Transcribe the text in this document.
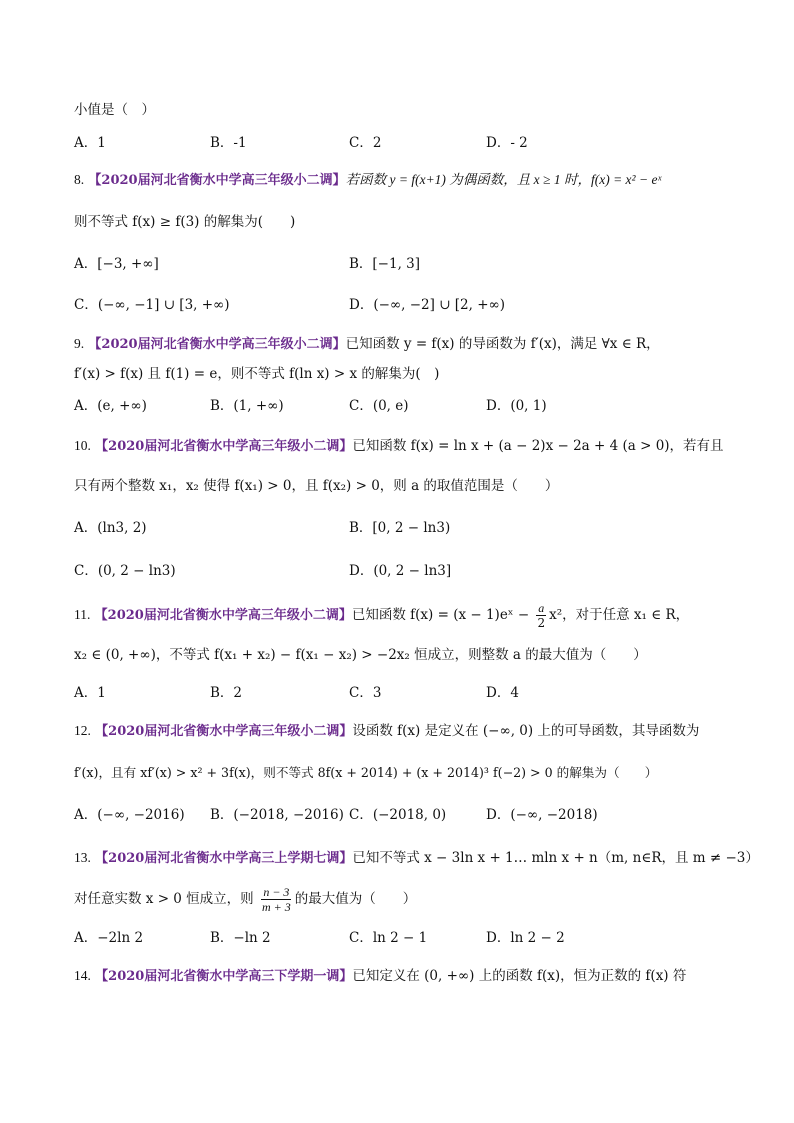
小值是（　）
A．1	B．-1	C．2	D．- 2
8. 【2020届河北省衡水中学高三年级小二调】若函数 y = f(x+1) 为偶函数，且 x ≥ 1 时，f(x) = x² − eˣ
则不等式 f(x) ≥ f(3) 的解集为(　　)
A．[−3, +∞]	B．[−1, 3]
C．(−∞, −1] ∪ [3, +∞)	D．(−∞, −2] ∪ [2, +∞)
9. 【2020届河北省衡水中学高三年级小二调】已知函数 y = f(x) 的导函数为 f′(x)，满足 ∀x ∈ R，
f′(x) > f(x) 且 f(1) = e，则不等式 f(ln x) > x 的解集为(　)
A．(e, +∞)	B．(1, +∞)	C．(0, e)	D．(0, 1)
10. 【2020届河北省衡水中学高三年级小二调】已知函数 f(x) = ln x + (a − 2)x − 2a + 4 (a > 0)，若有且
只有两个整数 x₁，x₂ 使得 f(x₁) > 0，且 f(x₂) > 0，则 a 的取值范围是（　　）
A．(ln3, 2)	B．[0, 2 − ln3)
C．(0, 2 − ln3)	D．(0, 2 − ln3]
11. 【2020届河北省衡水中学高三年级小二调】已知函数 f(x) = (x − 1)eˣ − $\frac{a}{2} x^2$，对于任意 x₁ ∈ R，
x₂ ∈ (0, +∞)，不等式 f(x₁ + x₂) − f(x₁ − x₂) > −2x₂ 恒成立，则整数 a 的最大值为（　　）
A．1	B．2	C．3	D．4
12. 【2020届河北省衡水中学高三年级小二调】设函数 f(x) 是定义在 (−∞, 0) 上的可导函数，其导函数为
f′(x)，且有 xf′(x) > x² + 3f(x)，则不等式 8f(x + 2014) + (x + 2014)³ f(−2) > 0 的解集为（　　）
A．(−∞, −2016) B．(−2018, −2016) C．(−2018, 0)	D．(−∞, −2018)
13. 【2020届河北省衡水中学高三上学期七调】已知不等式 x − 3ln x + 1… mln x + n（m, n∈R，且 m ≠ −3）
对任意实数 x > 0 恒成立，则 $\frac{n - 3}{m + 3}$ 的最大值为（　　）
A．−2ln 2	B．−ln 2	C．ln 2 − 1	D．ln 2 − 2
14. 【2020届河北省衡水中学高三下学期一调】已知定义在 (0, +∞) 上的函数 f(x)，恒为正数的 f(x) 符
